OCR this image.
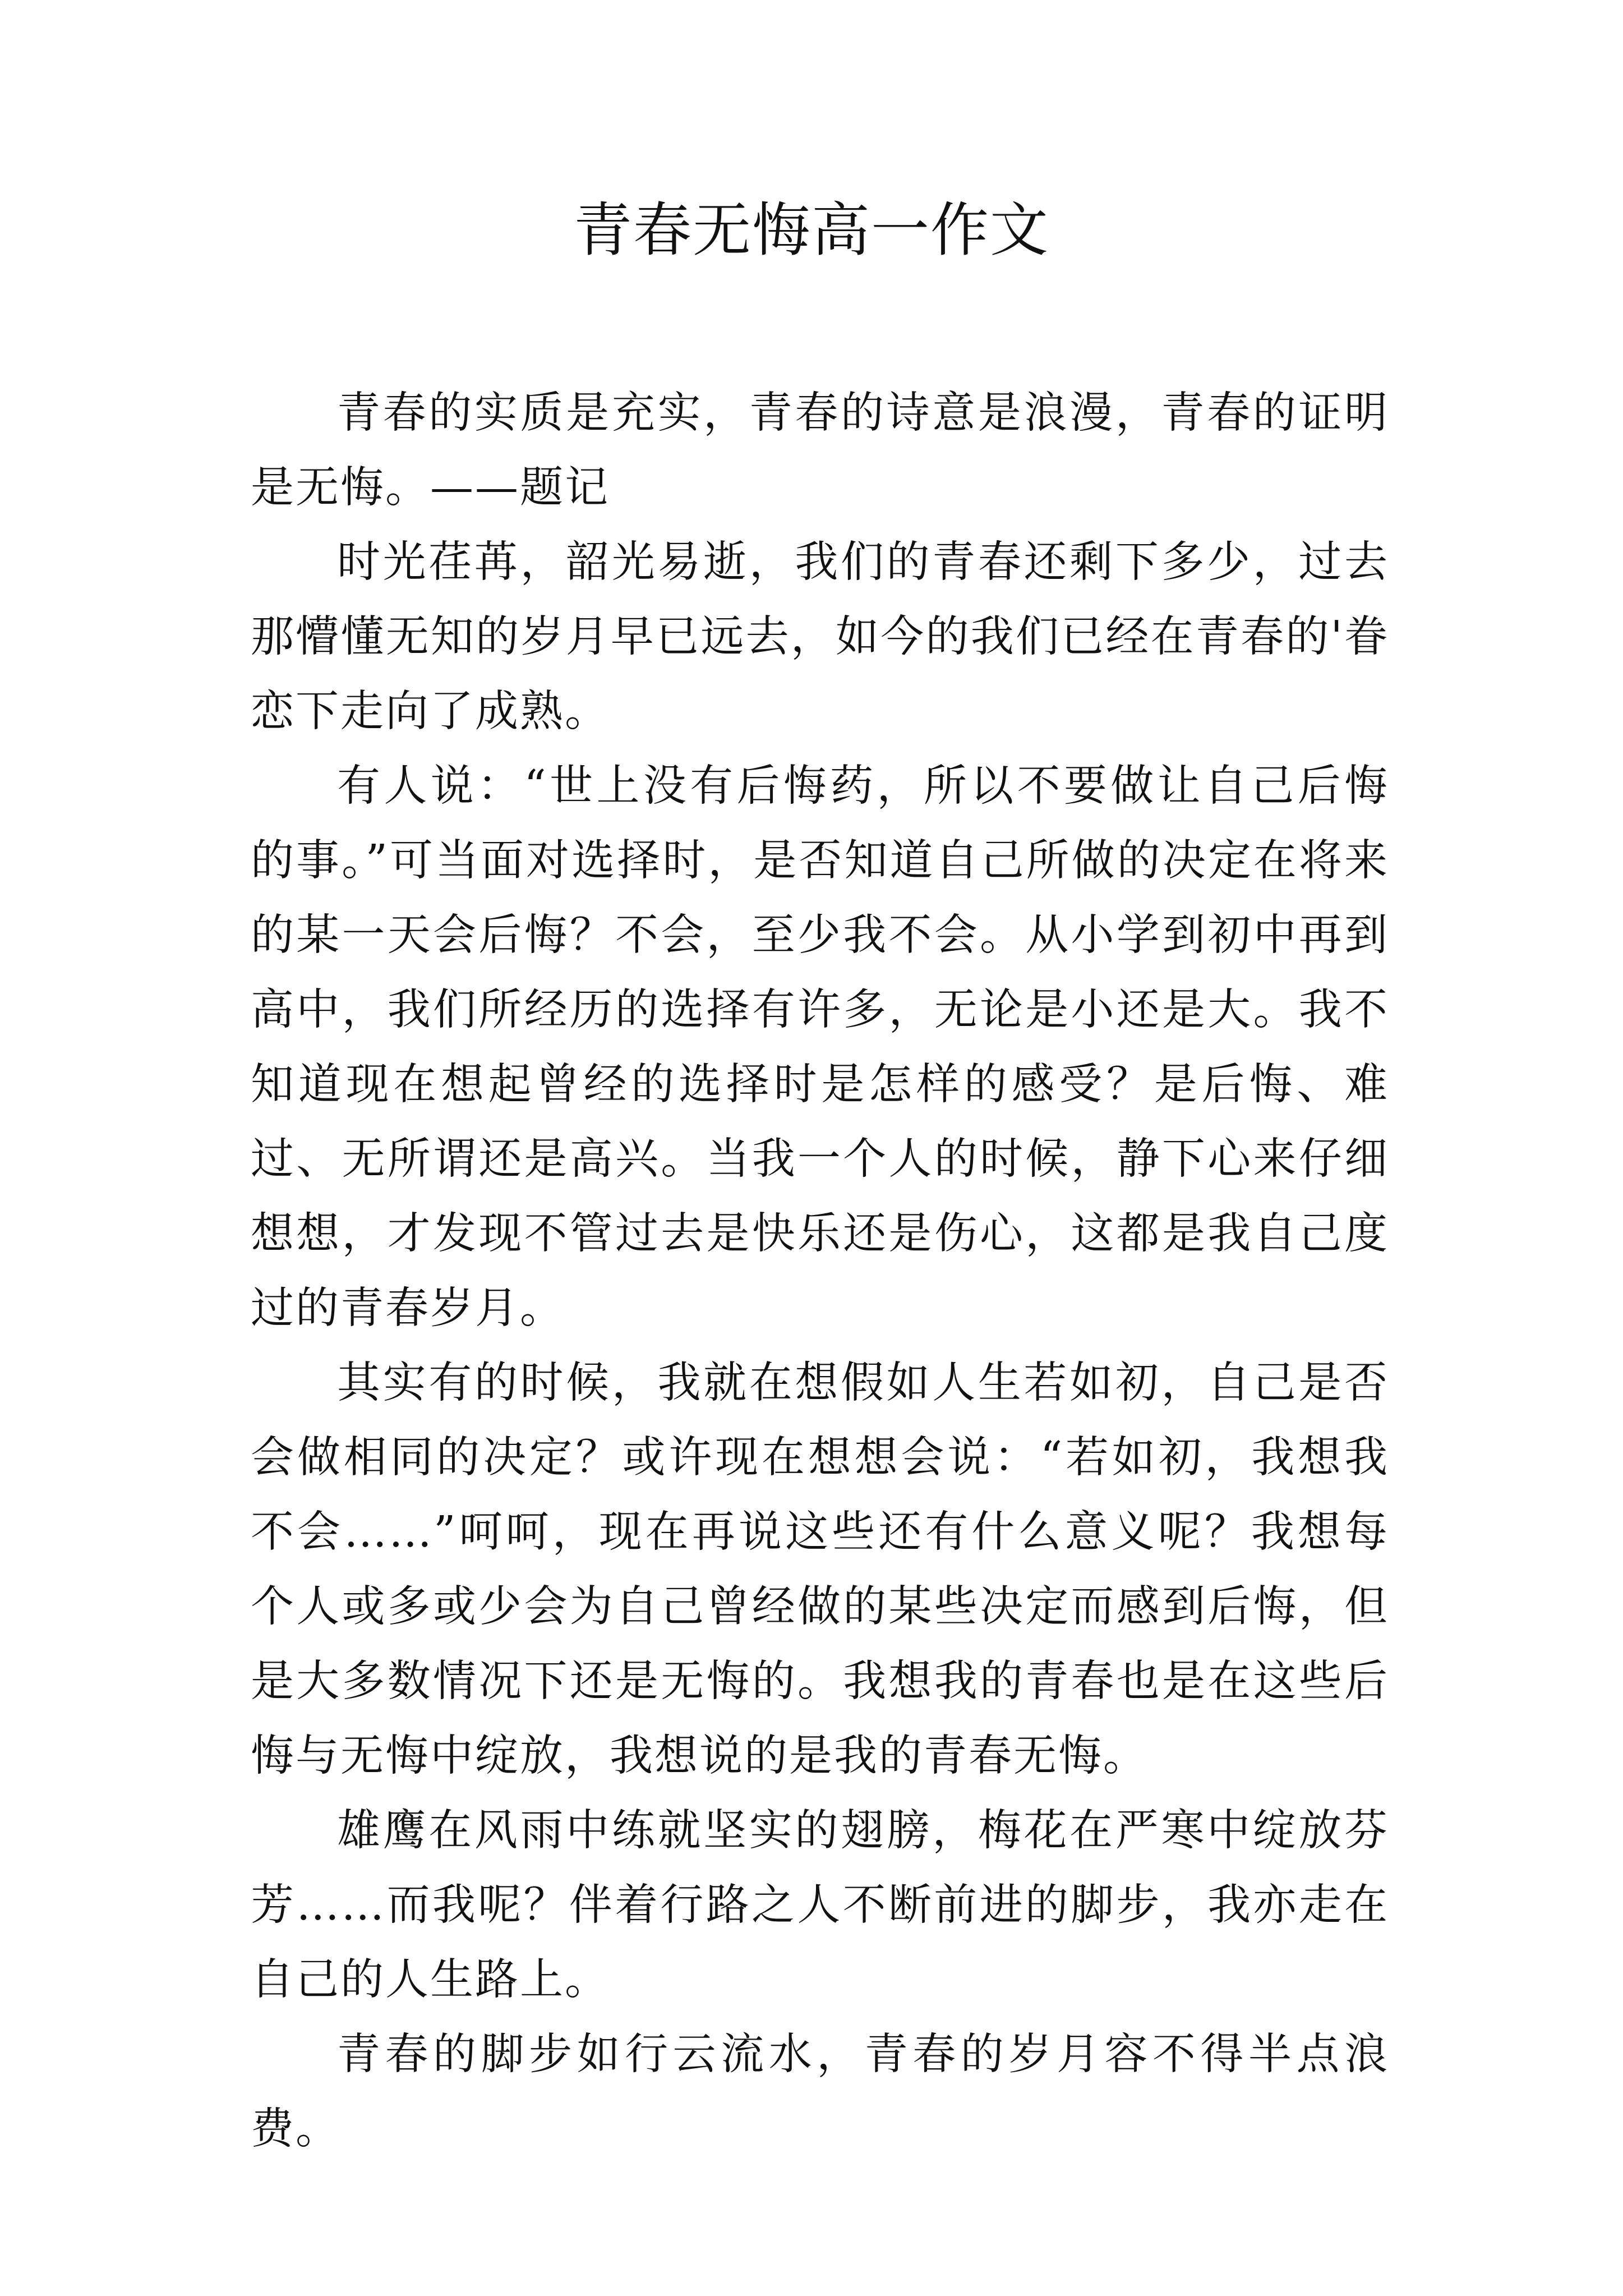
青春无悔高一作文

青春的实质是充实，青春的诗意是浪漫，青春的证明是无悔。——题记

时光荏苒，韶光易逝，我们的青春还剩下多少，过去那懵懂无知的岁月早已远去，如今的我们已经在青春的'眷恋下走向了成熟。

有人说：“世上没有后悔药，所以不要做让自己后悔的事。”可当面对选择时，是否知道自己所做的决定在将来的某一天会后悔？不会，至少我不会。从小学到初中再到高中，我们所经历的选择有许多，无论是小还是大。我不知道现在想起曾经的选择时是怎样的感受？是后悔、难过、无所谓还是高兴。当我一个人的时候，静下心来仔细想想，才发现不管过去是快乐还是伤心，这都是我自己度过的青春岁月。

其实有的时候，我就在想假如人生若如初，自己是否会做相同的决定？或许现在想想会说：“若如初，我想我不会……”呵呵，现在再说这些还有什么意义呢？我想每个人或多或少会为自己曾经做的某些决定而感到后悔，但是大多数情况下还是无悔的。我想我的青春也是在这些后悔与无悔中绽放，我想说的是我的青春无悔。

雄鹰在风雨中练就坚实的翅膀，梅花在严寒中绽放芬芳……而我呢？伴着行路之人不断前进的脚步，我亦走在自己的人生路上。

青春的脚步如行云流水，青春的岁月容不得半点浪费。
